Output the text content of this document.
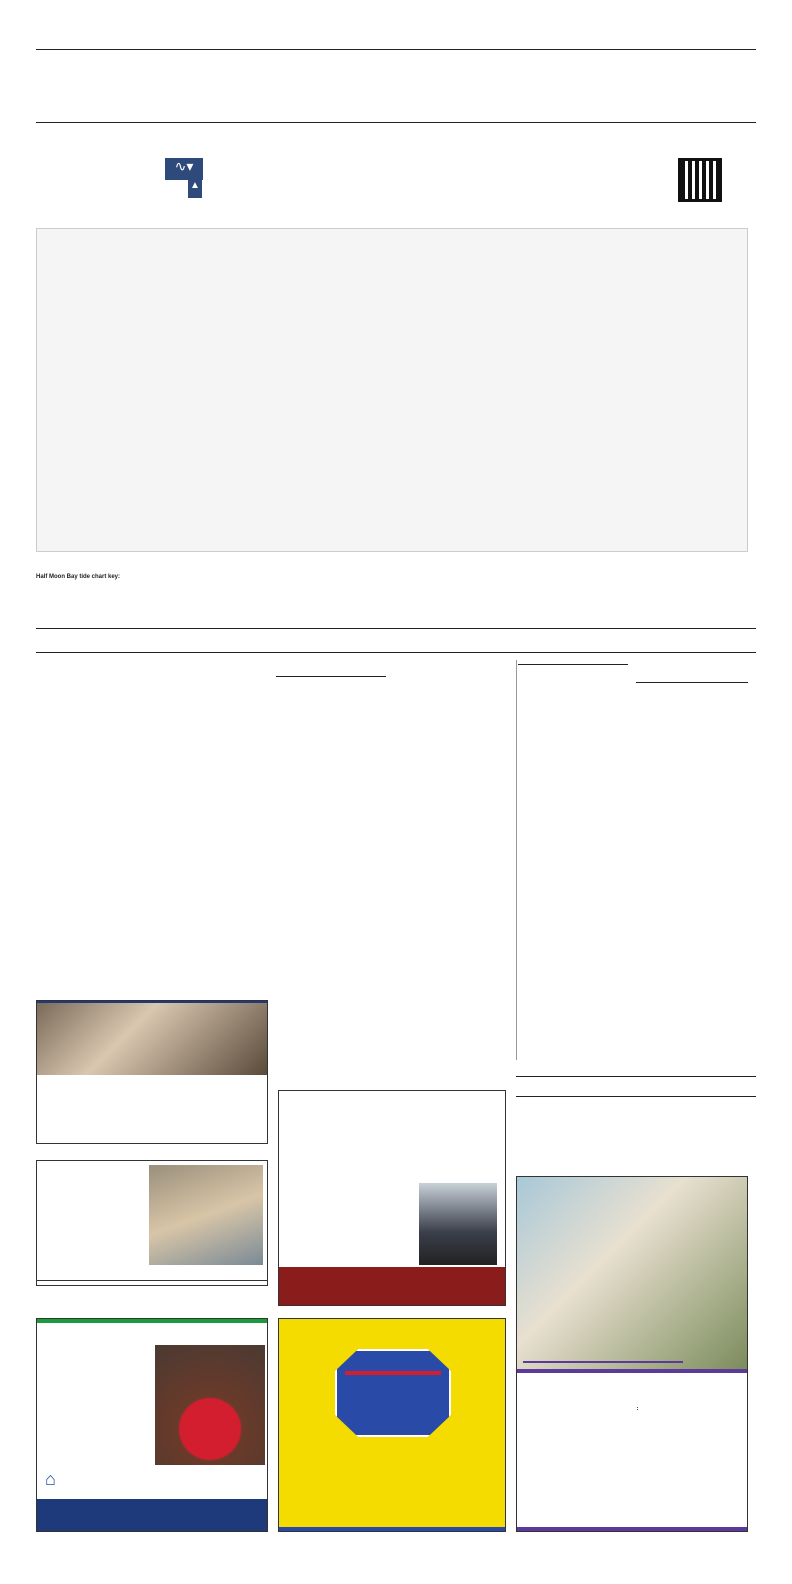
∿▾
▲
Half Moon Bay tide chart key:

⌂
